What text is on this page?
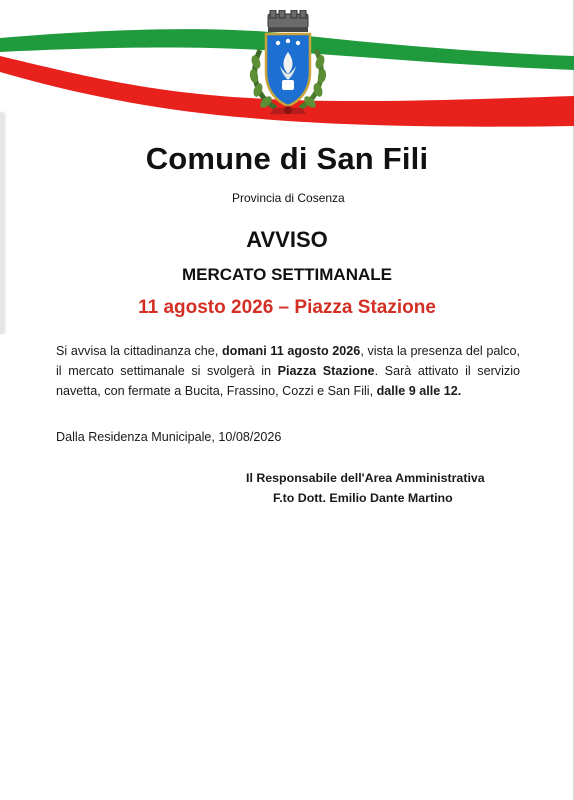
Comune di San Fili
Provincia di Cosenza
AVVISO
MERCATO SETTIMANALE
11 agosto 2026 – Piazza Stazione
Si avvisa la cittadinanza che, domani 11 agosto 2026, vista la presenza del palco, il mercato settimanale si svolgerà in Piazza Stazione. Sarà attivato il servizio navetta, con fermate a Bucita, Frassino, Cozzi e San Fili, dalle 9 alle 12.
Dalla Residenza Municipale, 10/08/2026
Il Responsabile dell'Area Amministrativa
F.to Dott. Emilio Dante Martino
